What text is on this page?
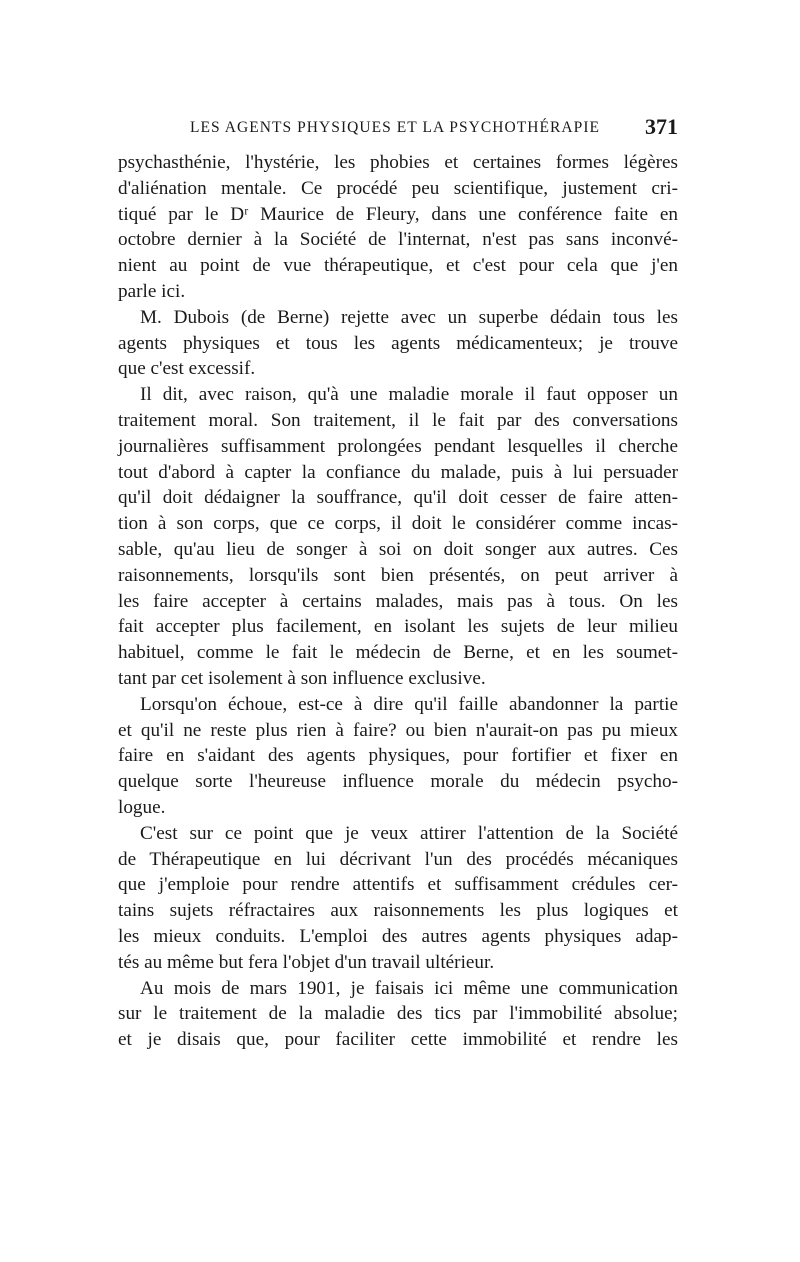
LES AGENTS PHYSIQUES ET LA PSYCHOTHÉRAPIE 371
psychasthénie, l'hystérie, les phobies et certaines formes légères
d'aliénation mentale. Ce procédé peu scientifique, justement cri-
tiqué par le Dʳ Maurice de Fleury, dans une conférence faite en
octobre dernier à la Société de l'internat, n'est pas sans inconvé-
nient au point de vue thérapeutique, et c'est pour cela que j'en
parle ici.
M. Dubois (de Berne) rejette avec un superbe dédain tous les
agents physiques et tous les agents médicamenteux; je trouve
que c'est excessif.
Il dit, avec raison, qu'à une maladie morale il faut opposer un
traitement moral. Son traitement, il le fait par des conversations
journalières suffisamment prolongées pendant lesquelles il cherche
tout d'abord à capter la confiance du malade, puis à lui persuader
qu'il doit dédaigner la souffrance, qu'il doit cesser de faire atten-
tion à son corps, que ce corps, il doit le considérer comme incas-
sable, qu'au lieu de songer à soi on doit songer aux autres. Ces
raisonnements, lorsqu'ils sont bien présentés, on peut arriver à
les faire accepter à certains malades, mais pas à tous. On les
fait accepter plus facilement, en isolant les sujets de leur milieu
habituel, comme le fait le médecin de Berne, et en les soumet-
tant par cet isolement à son influence exclusive.
Lorsqu'on échoue, est-ce à dire qu'il faille abandonner la partie
et qu'il ne reste plus rien à faire? ou bien n'aurait-on pas pu mieux
faire en s'aidant des agents physiques, pour fortifier et fixer en
quelque sorte l'heureuse influence morale du médecin psycho-
logue.
C'est sur ce point que je veux attirer l'attention de la Société
de Thérapeutique en lui décrivant l'un des procédés mécaniques
que j'emploie pour rendre attentifs et suffisamment crédules cer-
tains sujets réfractaires aux raisonnements les plus logiques et
les mieux conduits. L'emploi des autres agents physiques adap-
tés au même but fera l'objet d'un travail ultérieur.
Au mois de mars 1901, je faisais ici même une communication
sur le traitement de la maladie des tics par l'immobilité absolue;
et je disais que, pour faciliter cette immobilité et rendre les
